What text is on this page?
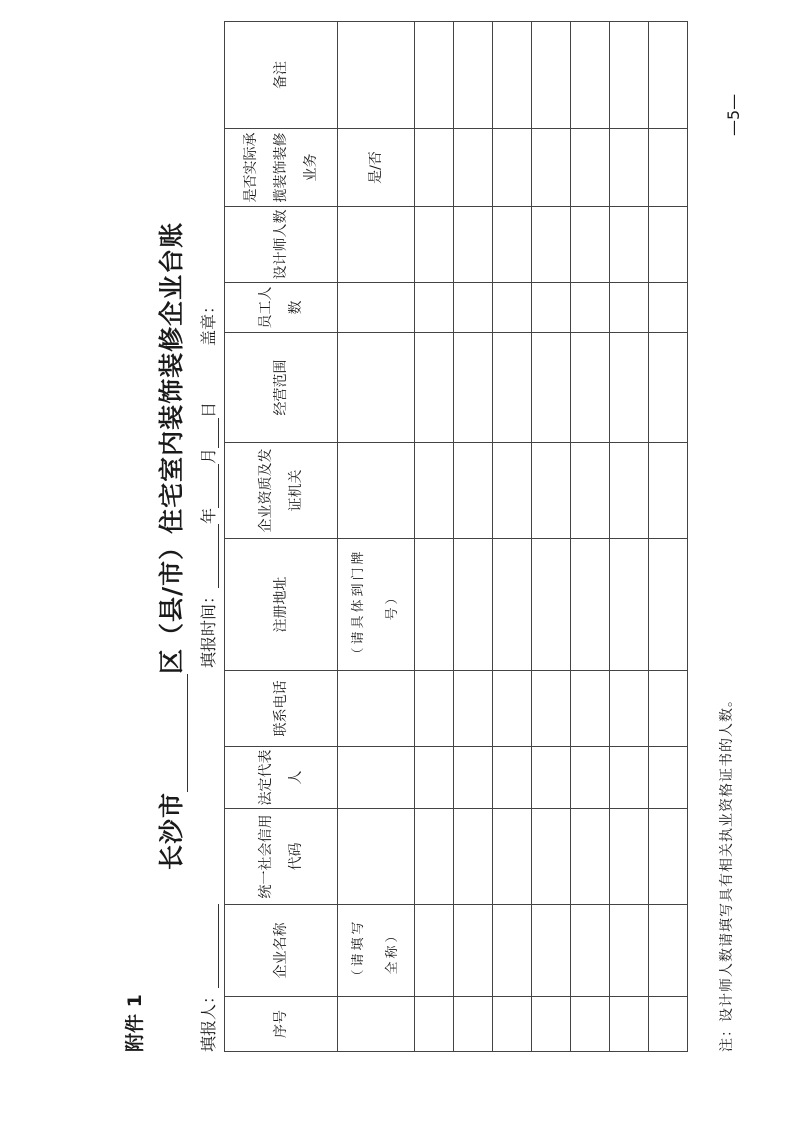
附件 1
长沙市区（县/市）住宅室内装饰装修企业台账
填报人：
填报时间：年月日
盖章：
序号	企业名称	统一社会信用代码	法定代表人	联系电话	注册地址	企业资质及发证机关	经营范围	员工人数	设计师人数	是否实际承揽装饰装修业务	备注

	（请填写全称）				（请具体到门牌号）					是/否	

注：设计师人数请填写具有相关执业资格证书的人数。
—5—
